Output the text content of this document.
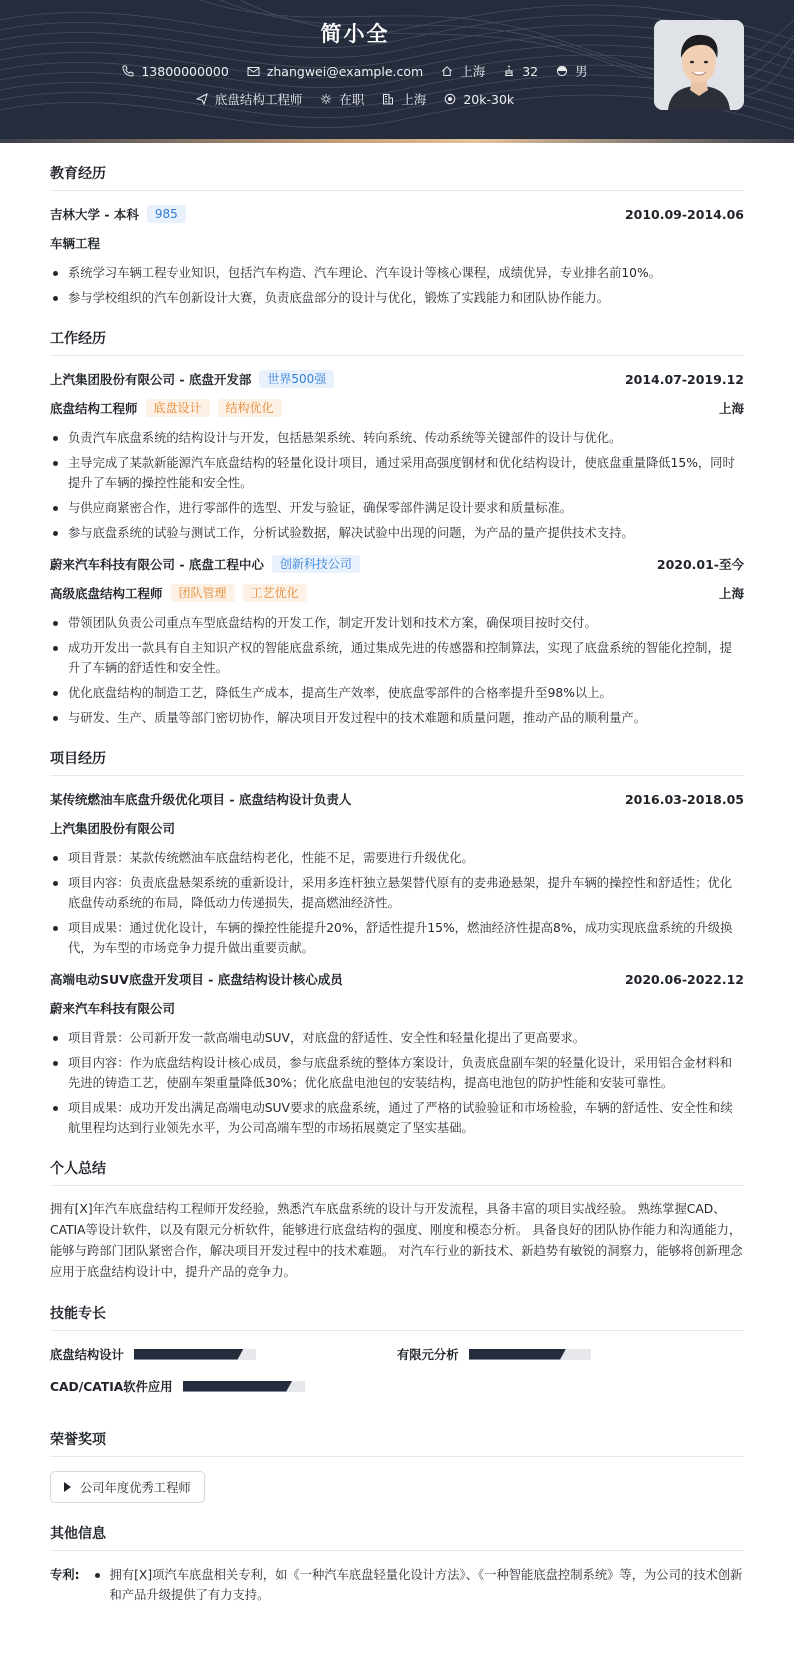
简小全
13800000000	zhangwei@example.com	上海	32	男
底盘结构工程师	在职	上海	20k-30k
教育经历
吉林大学 - 本科	985	2010.09-2014.06
车辆工程
系统学习车辆工程专业知识，包括汽车构造、汽车理论、汽车设计等核心课程，成绩优异，专业排名前10%。
参与学校组织的汽车创新设计大赛，负责底盘部分的设计与优化，锻炼了实践能力和团队协作能力。
工作经历
上汽集团股份有限公司 - 底盘开发部	世界500强	2014.07-2019.12
底盘结构工程师	底盘设计	结构优化	上海
负责汽车底盘系统的结构设计与开发，包括悬架系统、转向系统、传动系统等关键部件的设计与优化。
主导完成了某款新能源汽车底盘结构的轻量化设计项目，通过采用高强度钢材和优化结构设计，使底盘重量降低15%，同时提升了车辆的操控性能和安全性。
与供应商紧密合作，进行零部件的选型、开发与验证，确保零部件满足设计要求和质量标准。
参与底盘系统的试验与测试工作，分析试验数据，解决试验中出现的问题，为产品的量产提供技术支持。
蔚来汽车科技有限公司 - 底盘工程中心	创新科技公司	2020.01-至今
高级底盘结构工程师	团队管理	工艺优化	上海
带领团队负责公司重点车型底盘结构的开发工作，制定开发计划和技术方案，确保项目按时交付。
成功开发出一款具有自主知识产权的智能底盘系统，通过集成先进的传感器和控制算法，实现了底盘系统的智能化控制，提升了车辆的舒适性和安全性。
优化底盘结构的制造工艺，降低生产成本，提高生产效率，使底盘零部件的合格率提升至98%以上。
与研发、生产、质量等部门密切协作，解决项目开发过程中的技术难题和质量问题，推动产品的顺利量产。
项目经历
某传统燃油车底盘升级优化项目 - 底盘结构设计负责人	2016.03-2018.05
上汽集团股份有限公司
项目背景：某款传统燃油车底盘结构老化，性能不足，需要进行升级优化。
项目内容：负责底盘悬架系统的重新设计，采用多连杆独立悬架替代原有的麦弗逊悬架，提升车辆的操控性和舒适性；优化底盘传动系统的布局，降低动力传递损失，提高燃油经济性。
项目成果：通过优化设计，车辆的操控性能提升20%，舒适性提升15%，燃油经济性提高8%，成功实现底盘系统的升级换代，为车型的市场竞争力提升做出重要贡献。
高端电动SUV底盘开发项目 - 底盘结构设计核心成员	2020.06-2022.12
蔚来汽车科技有限公司
项目背景：公司新开发一款高端电动SUV，对底盘的舒适性、安全性和轻量化提出了更高要求。
项目内容：作为底盘结构设计核心成员，参与底盘系统的整体方案设计，负责底盘副车架的轻量化设计，采用铝合金材料和先进的铸造工艺，使副车架重量降低30%；优化底盘电池包的安装结构，提高电池包的防护性能和安装可靠性。
项目成果：成功开发出满足高端电动SUV要求的底盘系统，通过了严格的试验验证和市场检验，车辆的舒适性、安全性和续航里程均达到行业领先水平，为公司高端车型的市场拓展奠定了坚实基础。
个人总结

拥有[X]年汽车底盘结构工程师开发经验，熟悉汽车底盘系统的设计与开发流程，具备丰富的项目实战经验。 熟练掌握CAD、CATIA等设计软件，以及有限元分析软件，能够进行底盘结构的强度、刚度和模态分析。 具备良好的团队协作能力和沟通能力，能够与跨部门团队紧密合作，解决项目开发过程中的技术难题。 对汽车行业的新技术、新趋势有敏锐的洞察力，能够将创新理念应用于底盘结构设计中，提升产品的竞争力。

技能专长
底盘结构设计	有限元分析
CAD/CATIA软件应用
荣誉奖项
公司年度优秀工程师
其他信息
专利:	拥有[X]项汽车底盘相关专利，如《一种汽车底盘轻量化设计方法》、《一种智能底盘控制系统》等，为公司的技术创新和产品升级提供了有力支持。
